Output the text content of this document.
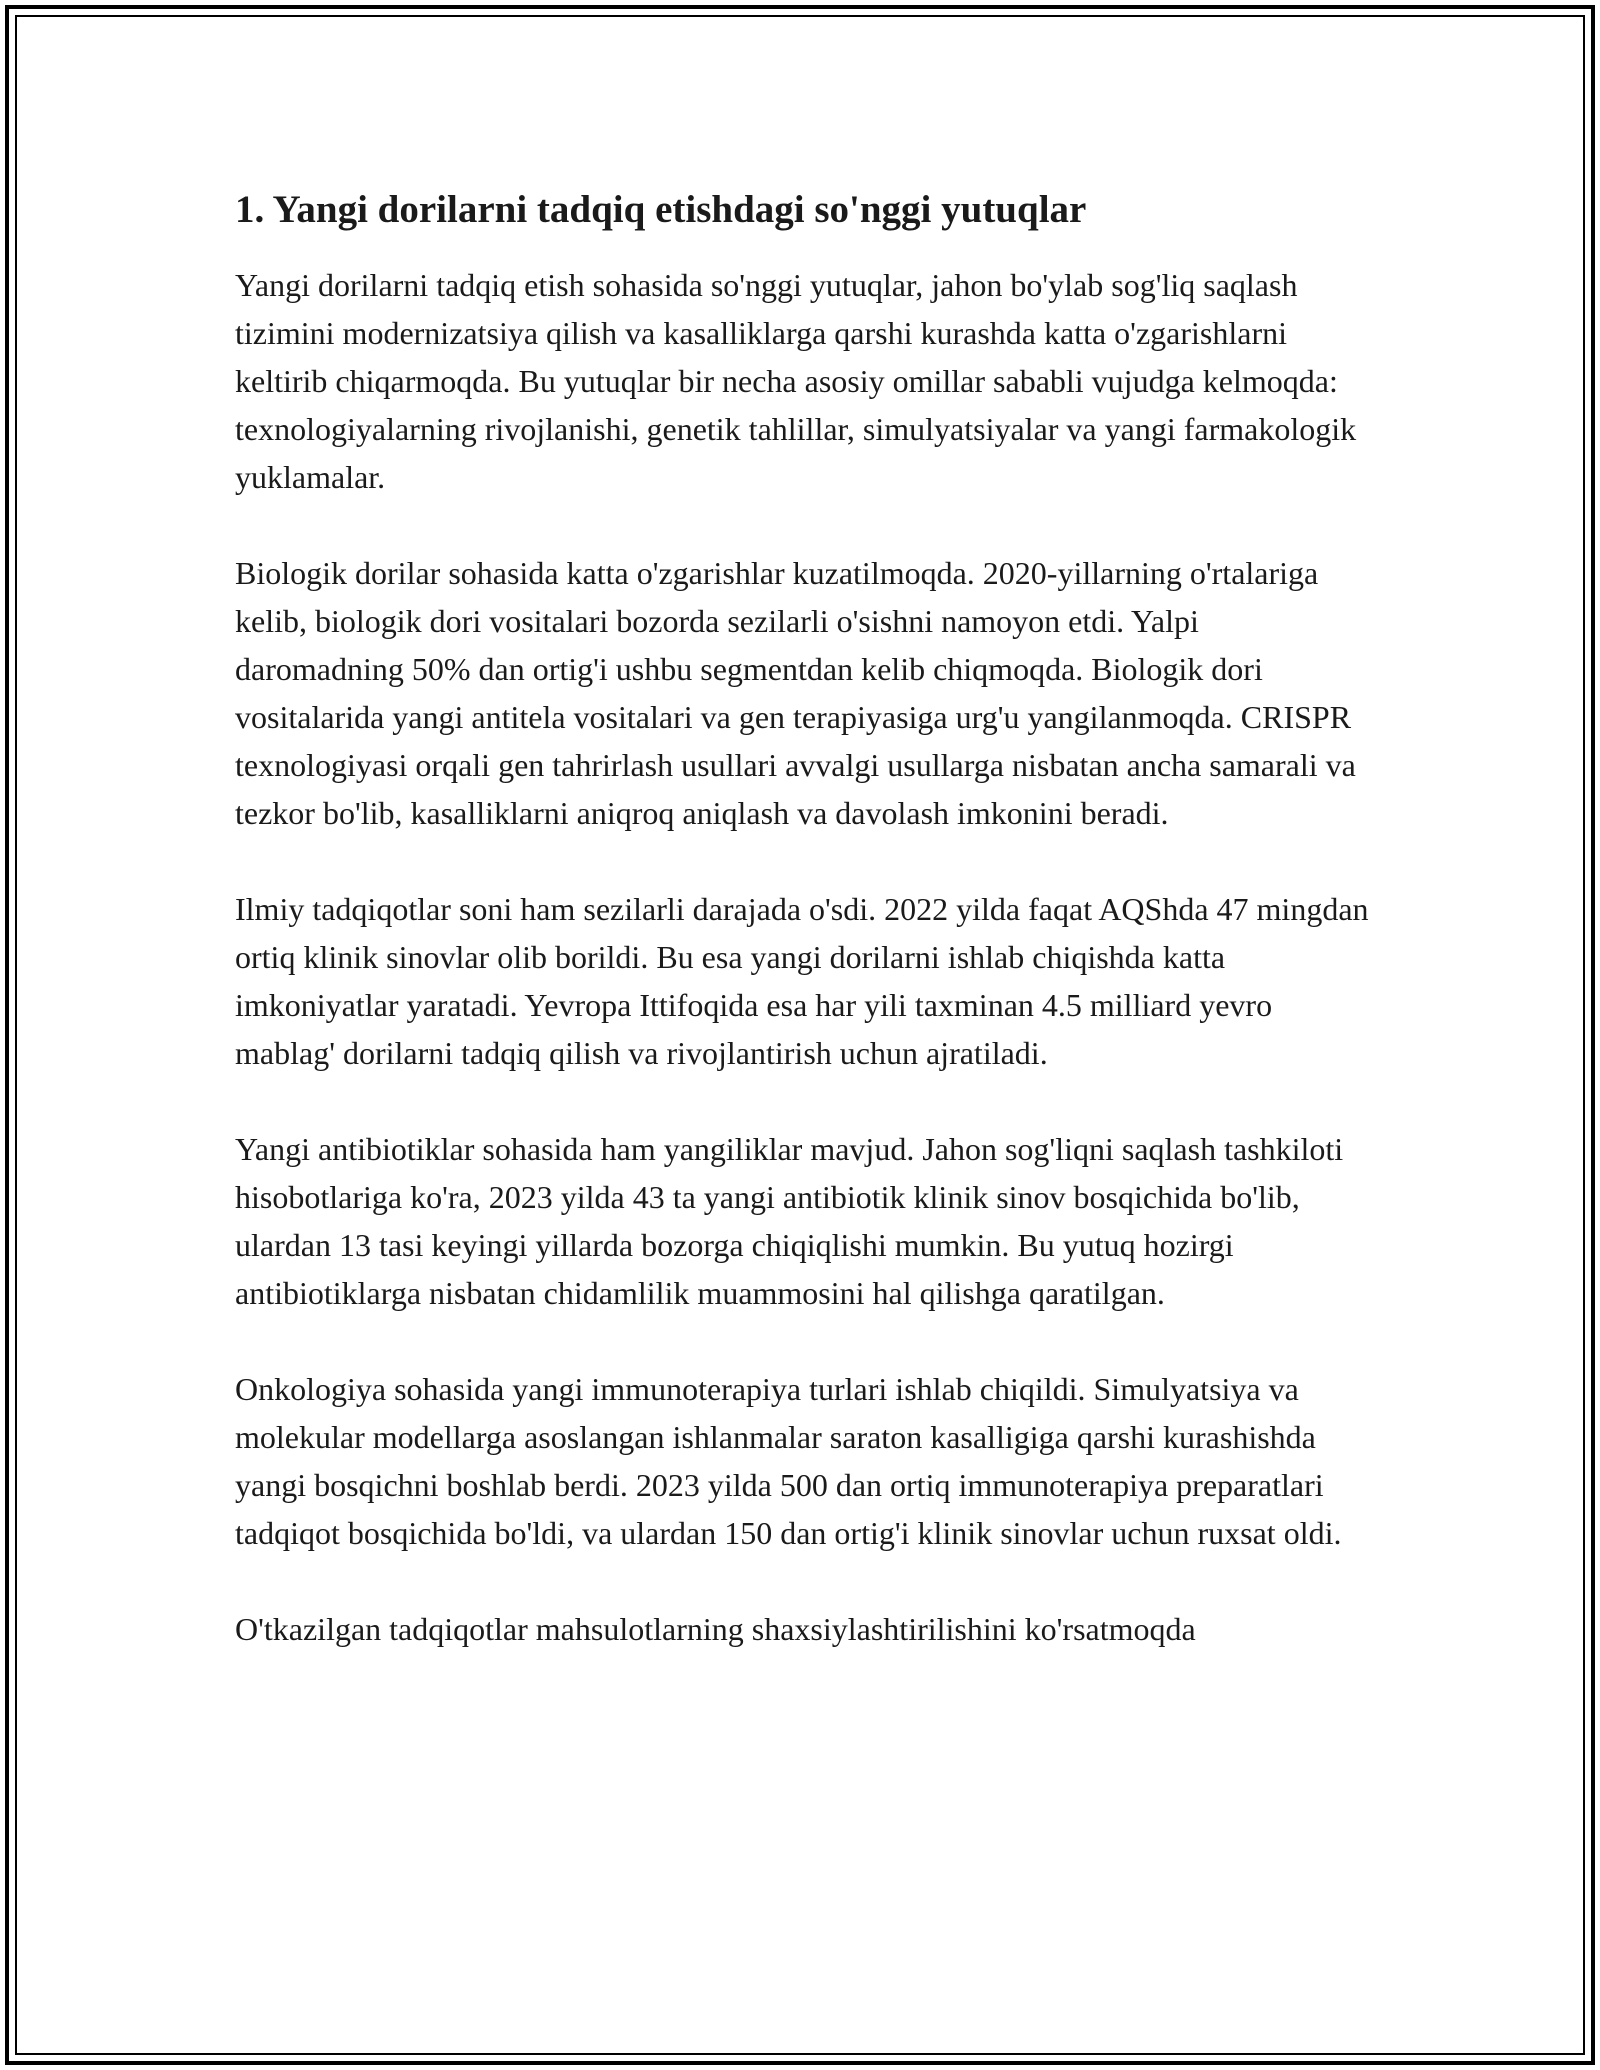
1. Yangi dorilarni tadqiq etishdagi so'nggi yutuqlar

Yangi dorilarni tadqiq etish sohasida so'nggi yutuqlar, jahon bo'ylab sog'liq saqlash tizimini modernizatsiya qilish va kasalliklarga qarshi kurashda katta o'zgarishlarni keltirib chiqarmoqda. Bu yutuqlar bir necha asosiy omillar sababli vujudga kelmoqda: texnologiyalarning rivojlanishi, genetik tahlillar, simulyatsiyalar va yangi farmakologik yuklamalar.

Biologik dorilar sohasida katta o'zgarishlar kuzatilmoqda. 2020-yillarning o'rtalariga kelib, biologik dori vositalari bozorda sezilarli o'sishni namoyon etdi. Yalpi daromadning 50% dan ortig'i ushbu segmentdan kelib chiqmoqda. Biologik dori vositalarida yangi antitela vositalari va gen terapiyasiga urg'u yangilanmoqda. CRISPR texnologiyasi orqali gen tahrirlash usullari avvalgi usullarga nisbatan ancha samarali va tezkor bo'lib, kasalliklarni aniqroq aniqlash va davolash imkonini beradi.

Ilmiy tadqiqotlar soni ham sezilarli darajada o'sdi. 2022 yilda faqat AQShda 47 mingdan ortiq klinik sinovlar olib borildi. Bu esa yangi dorilarni ishlab chiqishda katta imkoniyatlar yaratadi. Yevropa Ittifoqida esa har yili taxminan 4.5 milliard yevro mablag' dorilarni tadqiq qilish va rivojlantirish uchun ajratiladi.

Yangi antibiotiklar sohasida ham yangiliklar mavjud. Jahon sog'liqni saqlash tashkiloti hisobotlariga ko'ra, 2023 yilda 43 ta yangi antibiotik klinik sinov bosqichida bo'lib, ulardan 13 tasi keyingi yillarda bozorga chiqiqlishi mumkin. Bu yutuq hozirgi antibiotiklarga nisbatan chidamlilik muammosini hal qilishga qaratilgan.

Onkologiya sohasida yangi immunoterapiya turlari ishlab chiqildi. Simulyatsiya va molekular modellarga asoslangan ishlanmalar saraton kasalligiga qarshi kurashishda yangi bosqichni boshlab berdi. 2023 yilda 500 dan ortiq immunoterapiya preparatlari tadqiqot bosqichida bo'ldi, va ulardan 150 dan ortig'i klinik sinovlar uchun ruxsat oldi.

O'tkazilgan tadqiqotlar mahsulotlarning shaxsiylashtirilishini ko'rsatmoqda
